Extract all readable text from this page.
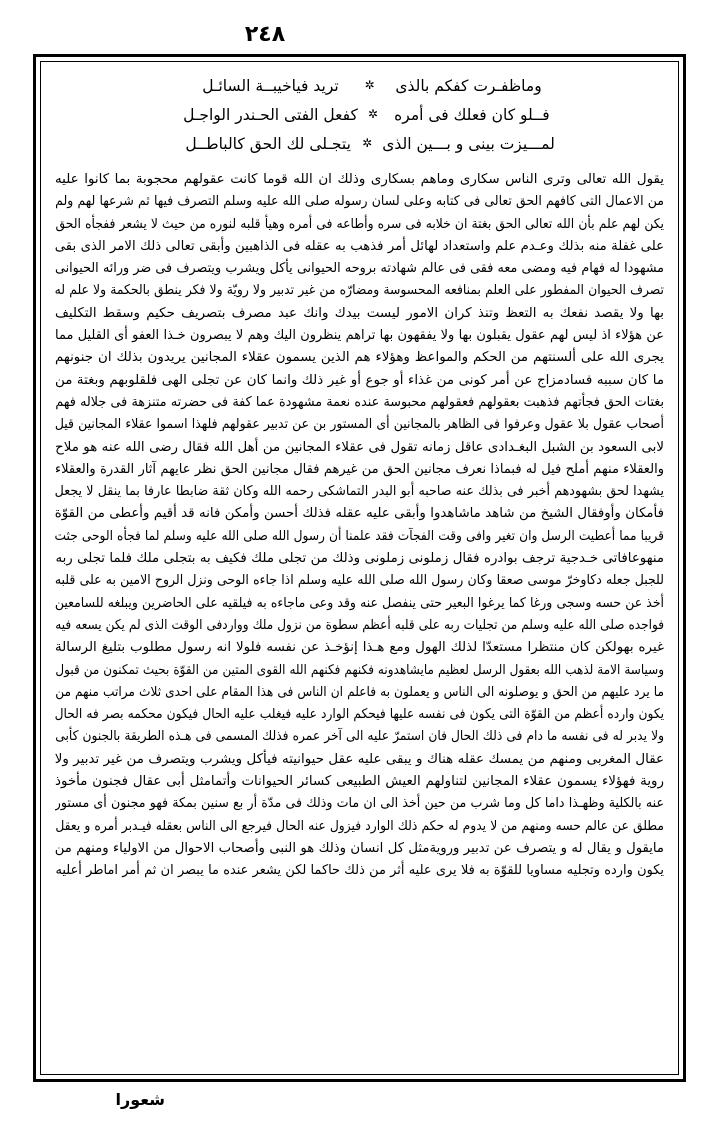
٢٤٨
وماظفـرت كفكم بالذى
✲
تريد فياخيبــة السائـل
فــلو كان فعلك فى أمره
✲
كفعل الفتى الحـندر الواجـل
لمـــيزت بينى و بـــين الذى
✲
يتجـلى لك الحق كالباطــل
يقول الله تعالى وترى الناس سكارى وماهم بسكارى وذلك ان الله قوما كانت عقولهم محجوبة بما كانوا عليه
من الاعمال التى كافهم الحق تعالى فى كتابه وعلى لسان رسوله صلى الله عليه وسلم التصرف فيها ثم شرعها لهم ولم
يكن لهم علم بأن الله تعالى الحق بغتة ان خلابه فى سره وأطاعه فى أمره وهيأ قلبه لنوره من حيث لا يشعر ففجأه الحق
على غفلة منه بذلك وعـدم علم واستعداد لهائل أمر فذهب به عقله فى الذاهبين وأبقى تعالى ذلك الامر الذى بقى
مشهودا له فهام فيه ومضى معه فقى فى عالم شهادته بروحه الحيوانى يأكل ويشرب ويتصرف فى ضر ورائه الحيوانى
تصرف الحيوان المفطور على العلم بمنافعه المحسوسة ومضارّه من غير تدبير ولا رويّة ولا فكر ينطق بالحكمة ولا علم له
بها ولا يقصد نفعك به التعظ وتنذ كران الامور ليست بيدك وانك عبد مصرف بتصريف حكيم وسقط التكليف
عن هؤلاء اذ ليس لهم عقول يقبلون بها ولا يفقهون بها تراهم ينظرون اليك وهم لا يبصرون خـذا العفو أى القليل مما
يجرى الله على ألسنتهم من الحكم والمواعظ وهؤلاء هم الذين يسمون عقلاء المجانين يريدون بذلك ان جنونهم
ما كان سببه فسادمزاج عن أمر كونى من غذاء أو جوع أو غير ذلك وانما كان عن تجلى الهى فلقلوبهم وبغتة من
بغتات الحق فجأتهم فذهبت بعقولهم فعقولهم محبوسة عنده نعمة مشهودة عما كفة فى حضرته متنزهة فى جلاله فهم
أصحاب عقول بلا عقول وعرفوا فى الظاهر بالمجانين أى المستور بن عن تدبير عقولهم فلهذا اسموا عقلاء المجانين قيل
لابى السعود بن الشبل البغـدادى عاقل زمانه تقول فى عقلاء المجانين من أهل الله فقال رضى الله عنه هو ملاح
والعقلاء منهم أملح فيل له فبماذا نعرف مجانين الحق من غيرهم فقال مجانين الحق نظر عايهم آثار القدرة والعقلاء
يشهدا لحق بشهودهم أخبر فى بذلك عنه صاحبه أبو البدر التماشكى رحمه الله وكان ثقة ضابطا عارفا بما ينقل لا يجعل
فأمكان وأوفقال الشيخ من شاهد ماشاهدوا وأبقى عليه عقله فذلك أحسن وأمكن فانه قد أقيم وأعطى من القوّة
قريبا مما أعطيت الرسل وان تغير وافى وقت الفجآت فقد علمنا أن رسول الله صلى الله عليه وسلم لما فجأه الوحى جثت
منهوعافاتى خـدجية ترجف بوادره فقال زملونى زملونى وذلك من تجلى ملك فكيف به بتجلى ملك فلما تجلى ربه
للجبل جعله دكاوخرّ موسى صعقا وكان رسول الله صلى الله عليه وسلم اذا جاءه الوحى ونزل الروح الامين به على قلبه
أخذ عن حسه وسجى ورغا كما يرغوا البعير حتى ينفصل عنه وقد وعى ماجاءه به فيلقيه على الحاضرين ويبلغه للسامعين
فواجده صلى الله عليه وسلم من تجليات ربه على قلبه أعظم سطوة من نزول ملك وواردفى الوقت الذى لم يكن يسعه فيه
غيره بهولكن كان منتظرا مستعدّا لذلك الهول ومع هـذا إنؤخـذ عن نفسه فلولا انه رسول مطلوب بتليغ الرسالة
وسياسة الامة لذهب الله بعقول الرسل لعظيم مايشاهدونه فكنهم فكنهم الله القوى المتين من القوّة بحيث تمكنون من قبول
ما يرد عليهم من الحق و يوصلونه الى الناس و يعملون به فاعلم ان الناس فى هذا المقام على احدى ثلاث مراتب منهم من
يكون وارده أعظم من القوّة التى يكون فى نفسه عليها فيحكم الوارد عليه فيغلب عليه الحال فيكون محكمه بصر فه الحال
ولا يدبر له فى نفسه ما دام فى ذلك الحال فان استمرّ عليه الى آخر عمره فذلك المسمى فى هـذه الطريقة بالجنون كأبى
عقال المغربى ومنهم من يمسك عقله هناك و يبقى عليه عقل حيوانيته فيأكل ويشرب ويتصرف من غير تدبير ولا
روية فهؤلاء يسمون عقلاء المجانين لتناولهم العيش الطبيعى كسائر الحيوانات وأتمامثل أبى عقال فجنون مأخوذ
عنه بالكلية وظهـذا داما كل وما شرب من حين أخذ الى ان مات وذلك فى مدّة أر بع سنين بمكة فهو مجنون أى مستور
مطلق عن عالم حسه ومنهم من لا يدوم له حكم ذلك الوارد فيزول عنه الحال فيرجع الى الناس بعقله فيـدبر أمره و يعقل
مايقول و يقال له و يتصرف عن تدبير ورويةمثل كل انسان وذلك هو النبى وأصحاب الاحوال من الاولياء ومنهم من
يكون وارده وتجليه مساويا للقوّة به فلا يرى عليه أثر من ذلك حاكما لكن يشعر عنده ما يبصر ان ثم أمر اماطر أعليه
شعورا
